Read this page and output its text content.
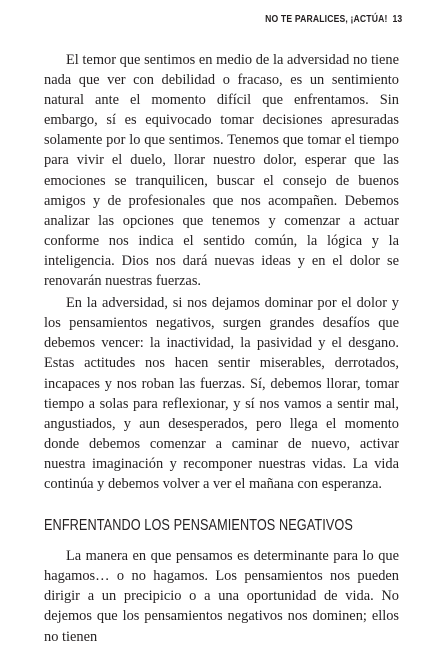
NO TE PARALICES, ¡ACTÚA! 13

El temor que sentimos en medio de la adversidad no tiene nada que ver con debilidad o fracaso, es un sentimiento natural ante el momento difícil que enfrentamos. Sin embargo, sí es equivocado tomar decisiones apresuradas solamente por lo que sentimos. Tenemos que tomar el tiempo para vivir el duelo, llorar nuestro dolor, esperar que las emociones se tranquilicen, buscar el consejo de buenos amigos y de profesionales que nos acompañen. Debemos analizar las opciones que tenemos y comenzar a actuar conforme nos indica el sentido común, la lógica y la inteligencia. Dios nos dará nuevas ideas y en el dolor se renovarán nuestras fuerzas.

En la adversidad, si nos dejamos dominar por el dolor y los pensamientos negativos, surgen grandes desafíos que debemos vencer: la inactividad, la pasividad y el desgano. Estas actitudes nos hacen sentir miserables, derrotados, incapaces y nos roban las fuerzas. Sí, debemos llorar, tomar tiempo a solas para reflexionar, y sí nos vamos a sentir mal, angustiados, y aun desesperados, pero llega el momento donde debemos comenzar a caminar de nuevo, activar nuestra imaginación y recomponer nuestras vidas. La vida continúa y debemos volver a ver el mañana con esperanza.

ENFRENTANDO LOS PENSAMIENTOS NEGATIVOS

La manera en que pensamos es determinante para lo que hagamos… o no hagamos. Los pensamientos nos pueden dirigir a un precipicio o a una oportunidad de vida. No dejemos que los pensamientos negativos nos dominen; ellos no tienen
